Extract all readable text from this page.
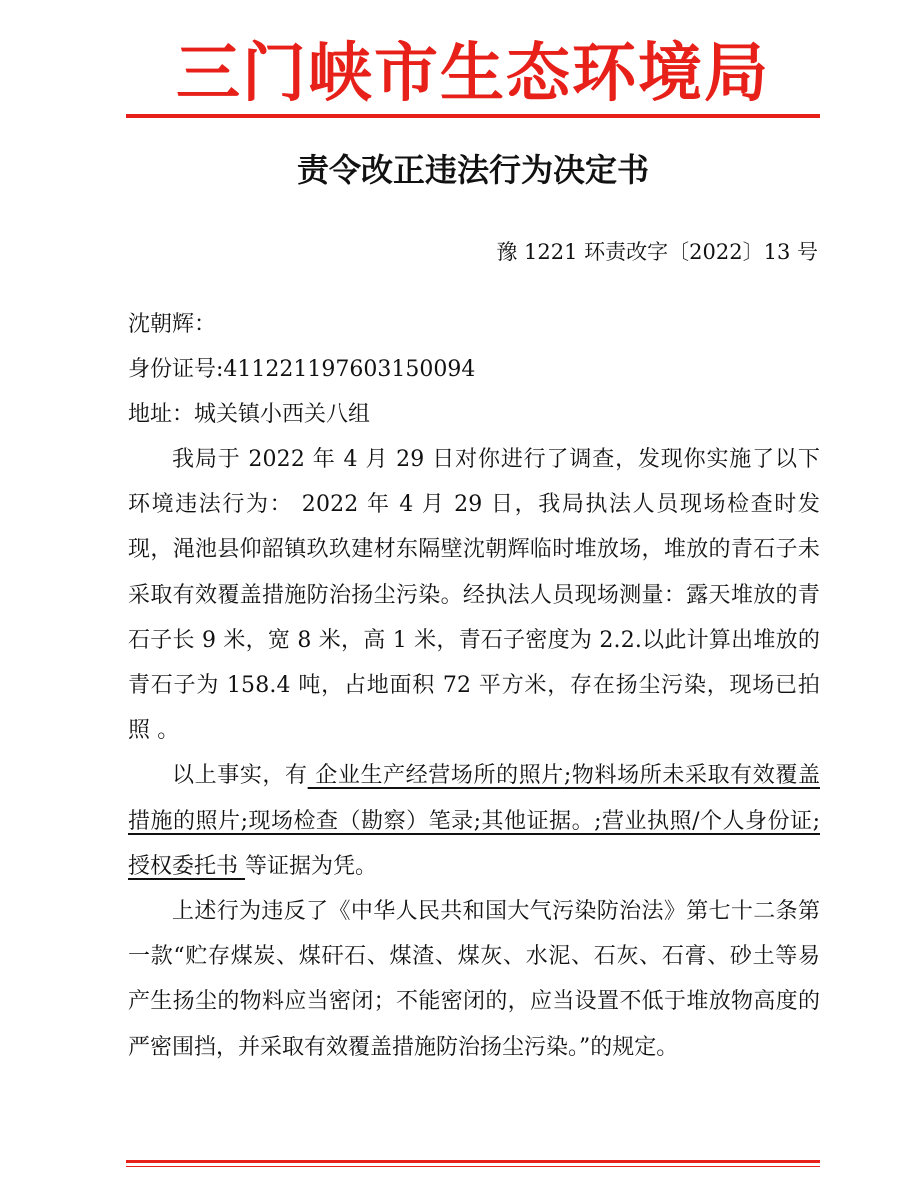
三门峡市生态环境局
责令改正违法行为决定书
豫 1221 环责改字〔2022〕13 号
沈朝辉：
身份证号:411221197603150094
地址：城关镇小西关八组

我局于 2022 年 4 月 29 日对你进行了调查，发现你实施了以下环境违法行为： 2022 年 4 月 29 日，我局执法人员现场检查时发现，渑池县仰韶镇玖玖建材东隔壁沈朝辉临时堆放场，堆放的青石子未采取有效覆盖措施防治扬尘污染。经执法人员现场测量：露天堆放的青石子长 9 米，宽 8 米，高 1 米，青石子密度为 2.2.以此计算出堆放的青石子为 158.4 吨，占地面积 72 平方米，存在扬尘污染，现场已拍照 。

以上事实，有 企业生产经营场所的照片;物料场所未采取有效覆盖措施的照片;现场检查（勘察）笔录;其他证据。;营业执照/个人身份证;授权委托书 等证据为凭。

上述行为违反了《中华人民共和国大气污染防治法》第七十二条第一款“贮存煤炭、煤矸石、煤渣、煤灰、水泥、石灰、石膏、砂土等易产生扬尘的物料应当密闭；不能密闭的，应当设置不低于堆放物高度的严密围挡，并采取有效覆盖措施防治扬尘污染。”的规定。
